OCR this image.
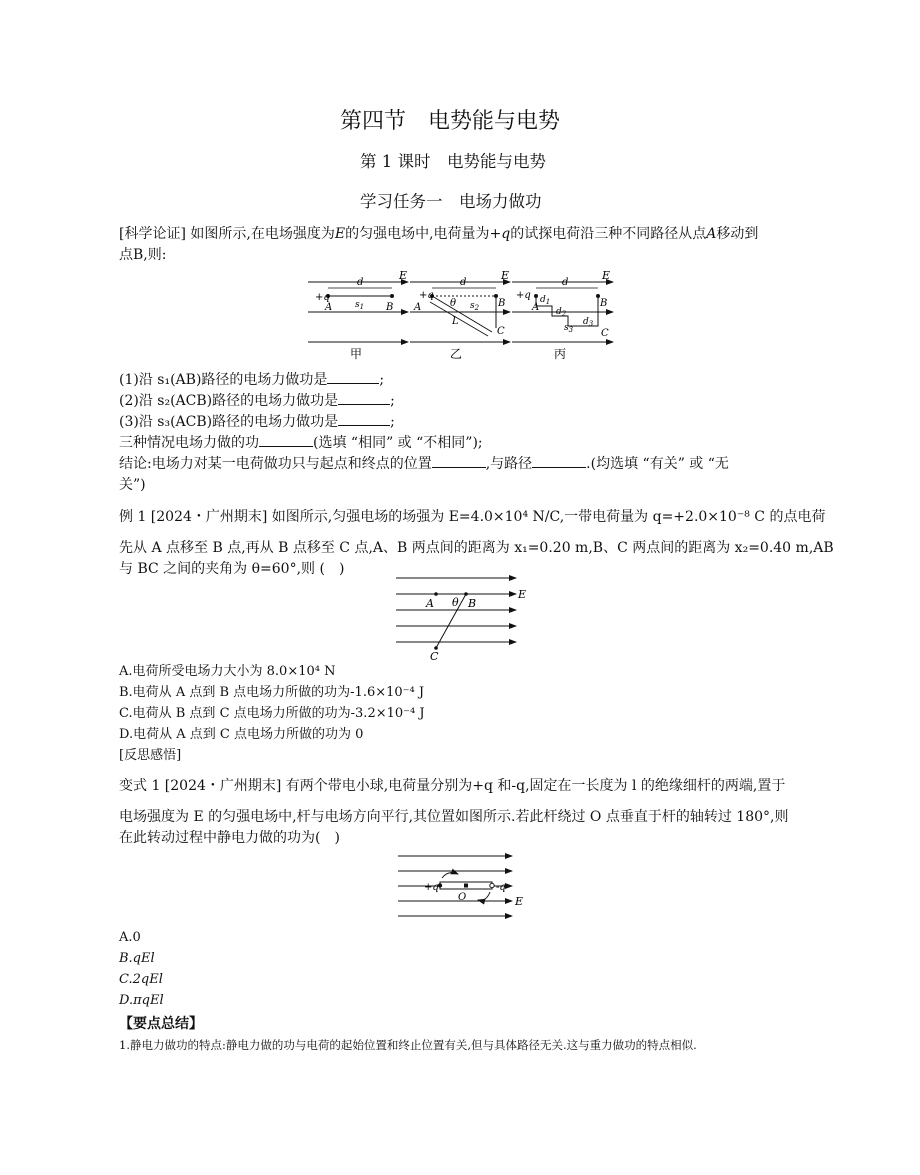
第四节　电势能与电势
第 1 课时　电势能与电势
学习任务一　电场力做功
[科学论证] 如图所示,在电场强度为E的匀强电场中,电荷量为+q的试探电荷沿三种不同路径从点A移动到
点B,则:
+q
d
$s_1$
A	B
E
+q
d
θ $s_2$
L
A	B
C
E
+q
d
$d_1$
$d_2$
$s_3$
$d_3$
A	B
C
E
甲	乙	丙
(1)沿 s₁(AB)路径的电场力做功是	;
(2)沿 s₂(ACB)路径的电场力做功是	;
(3)沿 s₃(ACB)路径的电场力做功是	;
三种情况电场力做的功	(选填 “相同” 或 “不相同”);
结论:电场力对某一电荷做功只与起点和终点的位置	,与路径	.(均选填 “有关” 或 “无
关”)
例 1 [2024・广州期末] 如图所示,匀强电场的场强为 E=4.0×10⁴ N/C,一带电荷量为 q=+2.0×10⁻⁸ C 的点电荷
先从 A 点移至 B 点,再从 B 点移至 C 点,A、B 两点间的距离为 x₁=0.20 m,B、C 两点间的距离为 x₂=0.40 m,AB
与 BC 之间的夹角为 θ=60°,则 (　)
A θ B
E
C
A.电荷所受电场力大小为 8.0×10⁴ N
B.电荷从 A 点到 B 点电场力所做的功为-1.6×10⁻⁴ J
C.电荷从 B 点到 C 点电场力所做的功为-3.2×10⁻⁴ J
D.电荷从 A 点到 C 点电场力所做的功为 0
[反思感悟]
变式 1 [2024・广州期末] 有两个带电小球,电荷量分别为+q 和-q,固定在一长度为 l 的绝缘细杆的两端,置于
电场强度为 E 的匀强电场中,杆与电场方向平行,其位置如图所示.若此杆绕过 O 点垂直于杆的轴转过 180°,则
在此转动过程中静电力做的功为(　)
+q	-q
O	E
A.0
B.qEl
C.2qEl
D.πqEl
【要点总结】
1.静电力做功的特点:静电力做的功与电荷的起始位置和终止位置有关,但与具体路径无关.这与重力做功的特点相似.
